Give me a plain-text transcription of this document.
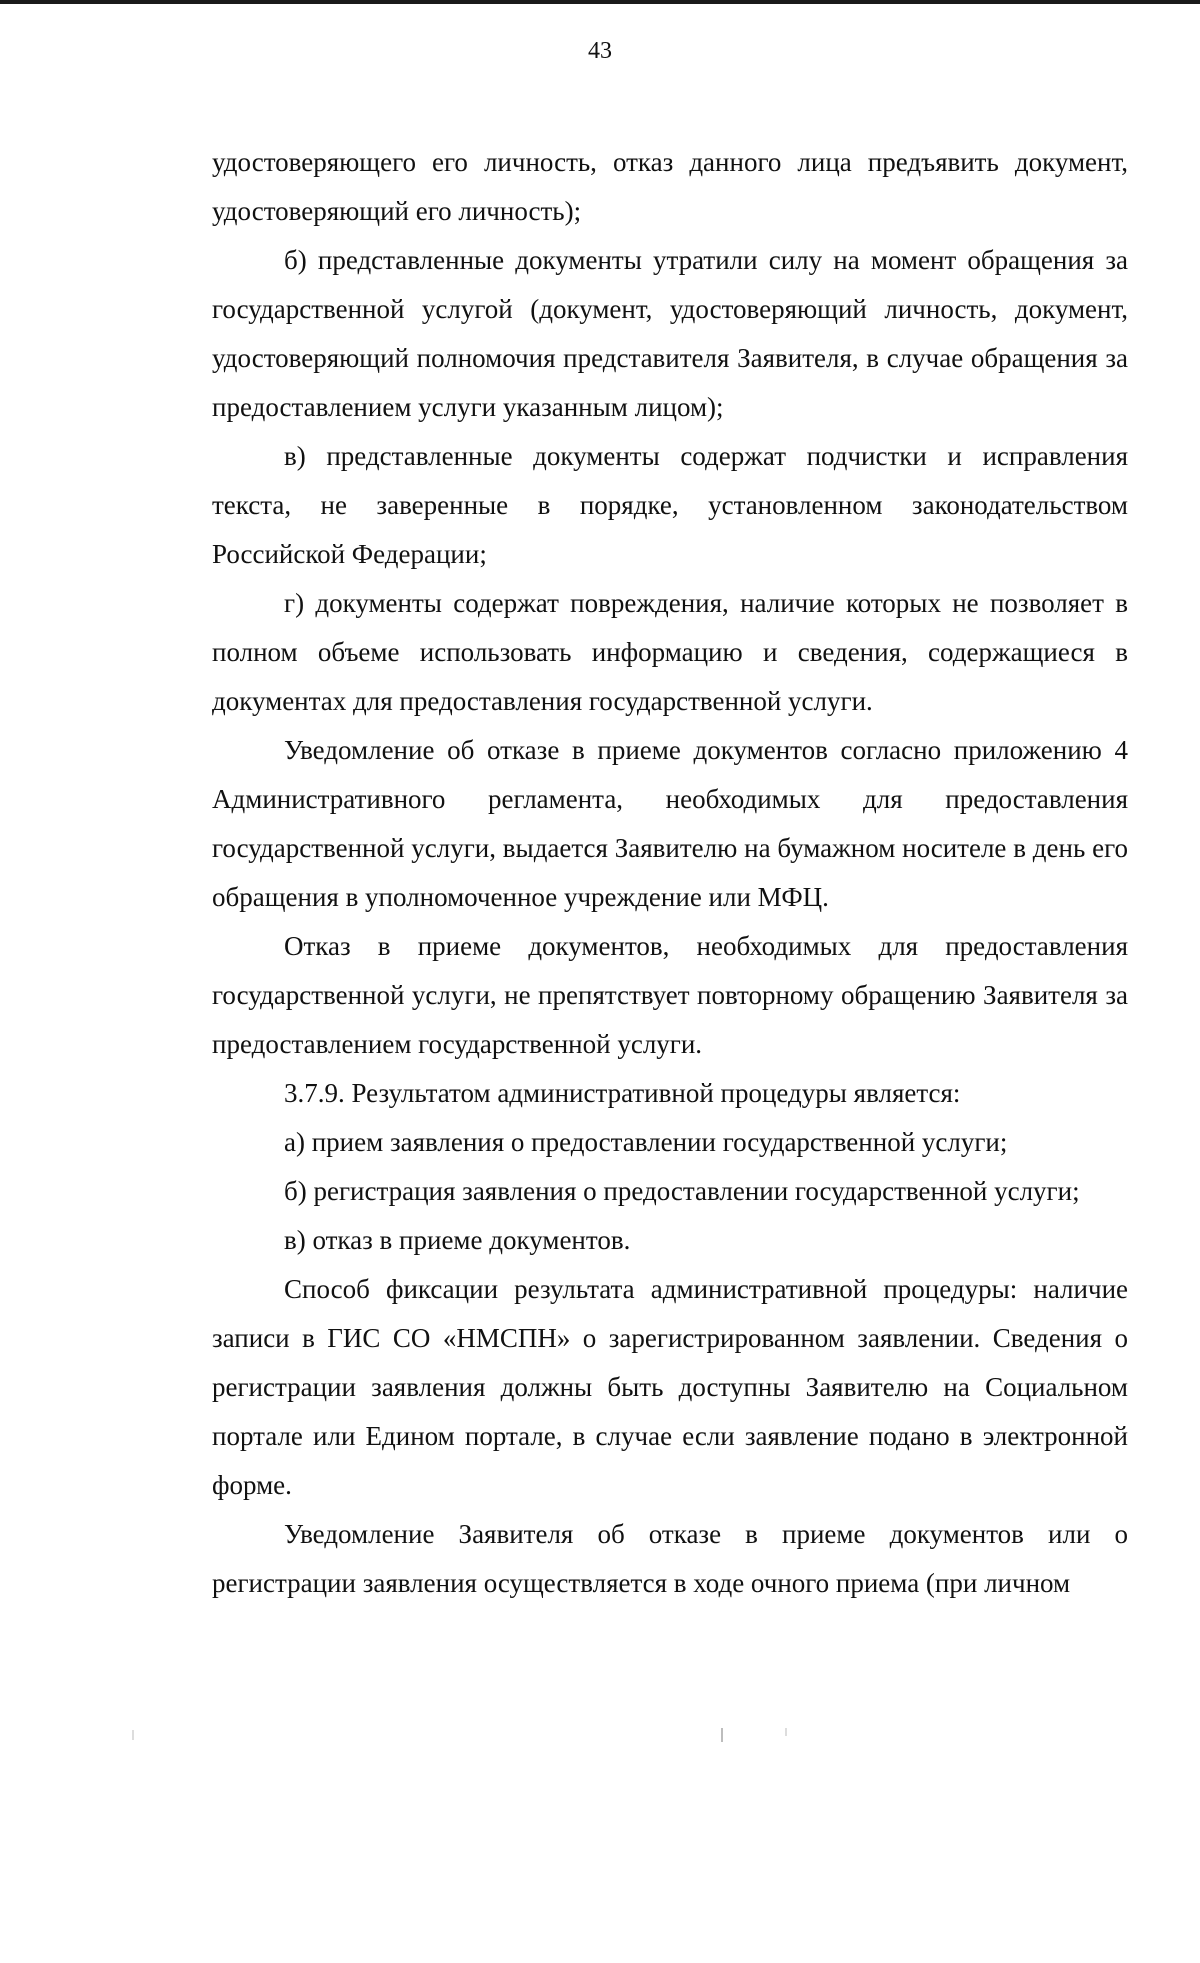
43

удостоверяющего его личность, отказ данного лица предъявить документ, удостоверяющий его личность);

б) представленные документы утратили силу на момент обращения за государственной услугой (документ, удостоверяющий личность, документ, удостоверяющий полномочия представителя Заявителя, в случае обращения за предоставлением услуги указанным лицом);

в) представленные документы содержат подчистки и исправления текста, не заверенные в порядке, установленном законодательством Российской Федерации;

г) документы содержат повреждения, наличие которых не позволяет в полном объеме использовать информацию и сведения, содержащиеся в документах для предоставления государственной услуги.

Уведомление об отказе в приеме документов согласно приложению 4 Административного регламента, необходимых для предоставления государственной услуги, выдается Заявителю на бумажном носителе в день его обращения в уполномоченное учреждение или МФЦ.

Отказ в приеме документов, необходимых для предоставления государственной услуги, не препятствует повторному обращению Заявителя за предоставлением государственной услуги.

3.7.9. Результатом административной процедуры является:

а) прием заявления о предоставлении государственной услуги;

б) регистрация заявления о предоставлении государственной услуги;

в) отказ в приеме документов.

Способ фиксации результата административной процедуры: наличие записи в ГИС СО «НМСПН» о зарегистрированном заявлении. Сведения о регистрации заявления должны быть доступны Заявителю на Социальном портале или Едином портале, в случае если заявление подано в электронной форме.

Уведомление Заявителя об отказе в приеме документов или о регистрации заявления осуществляется в ходе очного приема (при личном
